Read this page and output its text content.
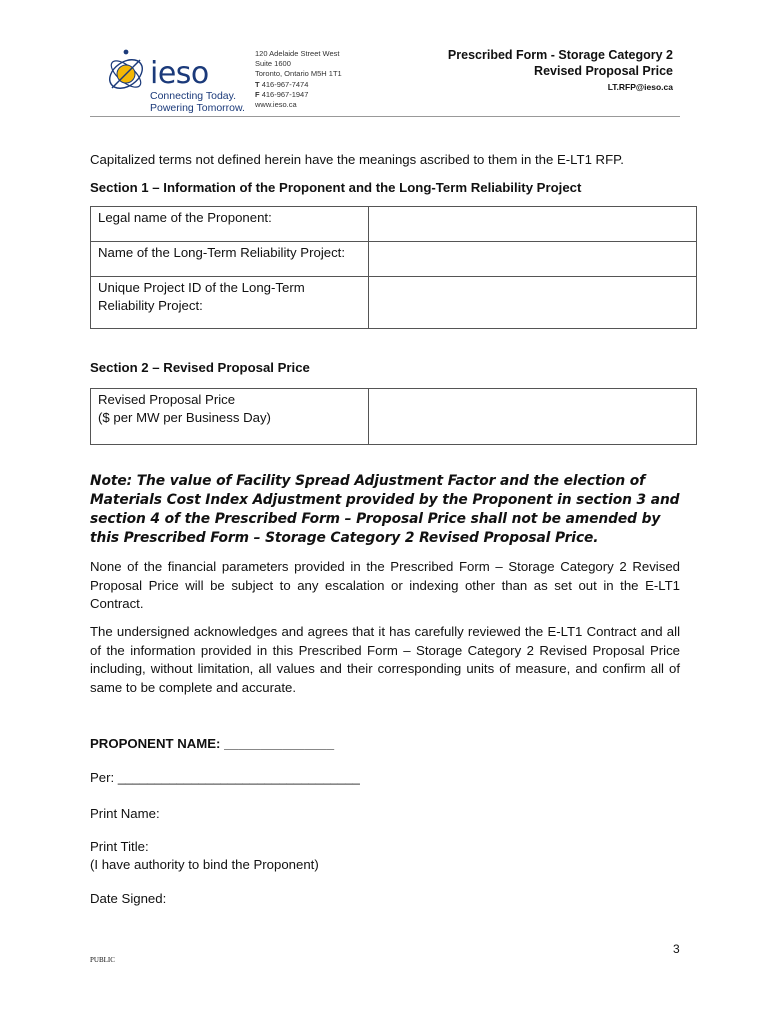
ieso
Connecting Today.
Powering Tomorrow.
120 Adelaide Street West
Suite 1600
Toronto, Ontario M5H 1T1
T 416-967-7474
F 416-967-1947
www.ieso.ca
Prescribed Form - Storage Category 2
Revised Proposal Price
LT.RFP@ieso.ca
Capitalized terms not defined herein have the meanings ascribed to them in the E-LT1 RFP.
Section 1 – Information of the Proponent and the Long-Term Reliability Project
Legal name of the Proponent:	
Name of the Long-Term Reliability Project:	

Unique Project ID of the Long-Term
Reliability Project:	

Section 2 – Revised Proposal Price
Revised Proposal Price
($ per MW per Business Day)

Note: The value of Facility Spread Adjustment Factor and the election of Materials Cost Index Adjustment provided by the Proponent in section 3 and section 4 of the Prescribed Form – Proposal Price shall not be amended by this Prescribed Form – Storage Category 2 Revised Proposal Price.
None of the financial parameters provided in the Prescribed Form – Storage Category 2 Revised Proposal Price will be subject to any escalation or indexing other than as set out in the E-LT1 Contract.
The undersigned acknowledges and agrees that it has carefully reviewed the E-LT1 Contract and all of the information provided in this Prescribed Form – Storage Category 2 Revised Proposal Price including, without limitation, all values and their corresponding units of measure, and confirm all of same to be complete and accurate.
PROPONENT NAME: _______________
Per: _________________________________
Print Name:
Print Title:
(I have authority to bind the Proponent)
Date Signed:
3
PUBLIC
